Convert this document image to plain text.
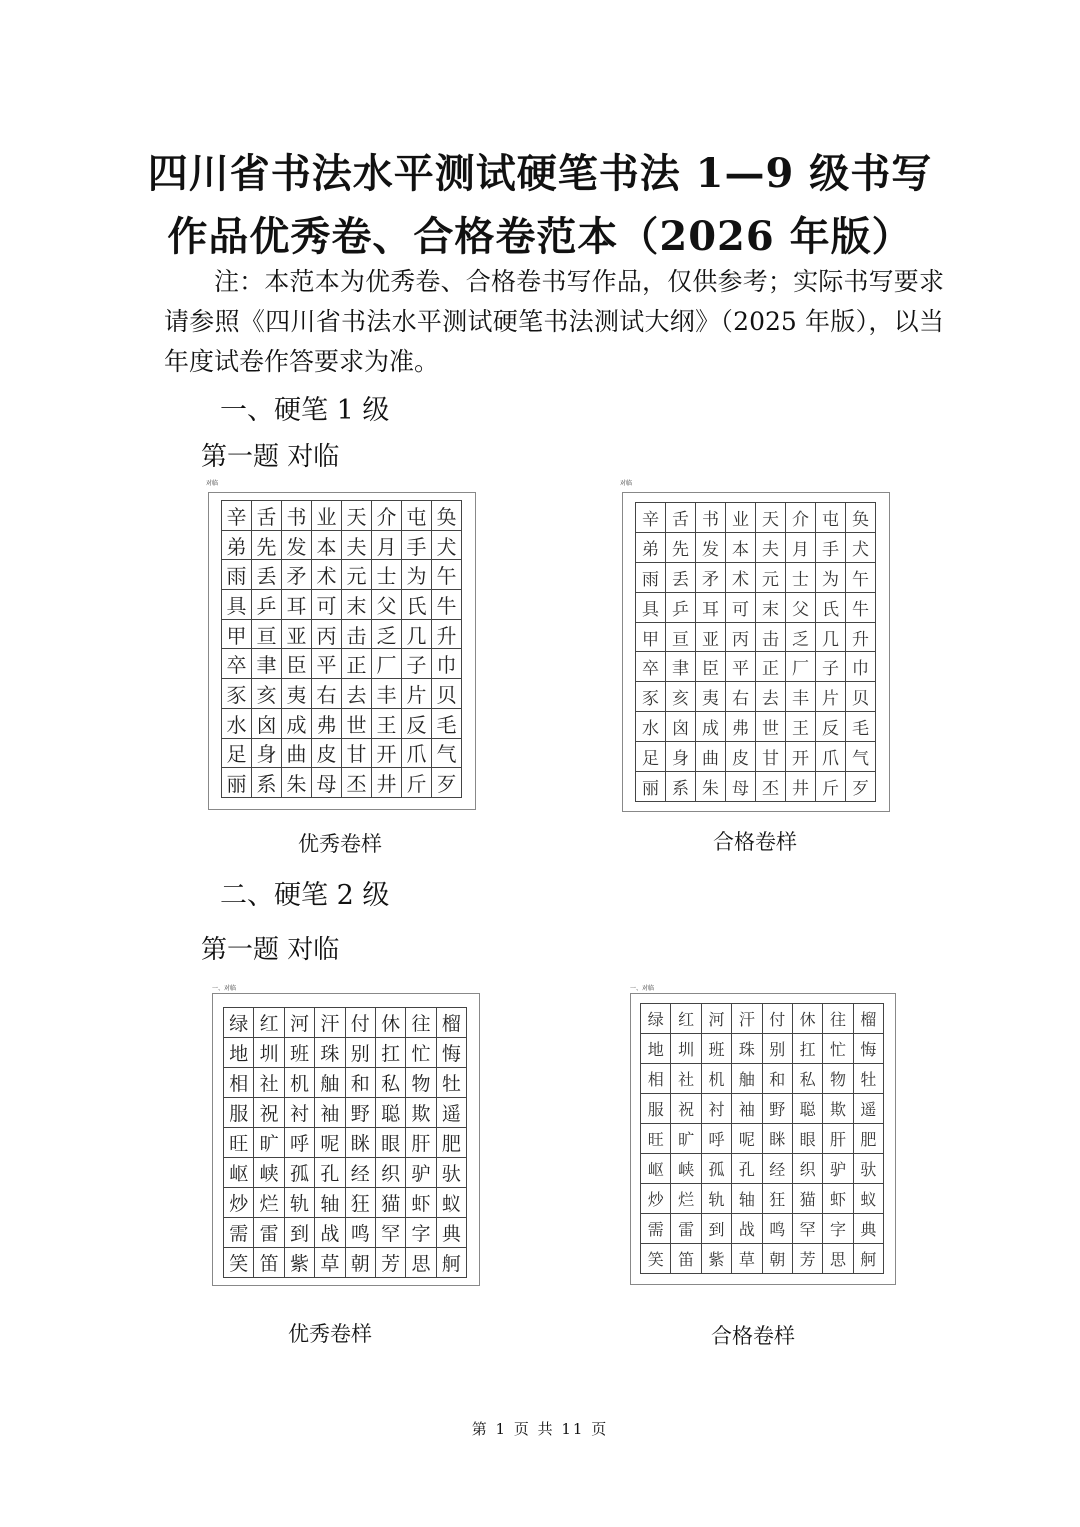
四川省书法水平测试硬笔书法 1—9 级书写
作品优秀卷、合格卷范本（2026 年版）

注：本范本为优秀卷、合格卷书写作品，仅供参考；实际书写要求请参照《四川省书法水平测试硬笔书法测试大纲》（2025 年版），以当年度试卷作答要求为准。

一、硬笔 1 级
第一题 对临
对临
辛 舌 书 业 天 介 屯 奂
弟 先 发 本 夫 月 手 犬
雨 丢 矛 术 元 士 为 午
具 乒 耳 可 末 父 氏 牛
甲 亘 亚 丙 击 乏 几 升
卒 聿 臣 平 正 厂 子 巾
豕 亥 夷 右 去 丰 片 贝
水 囟 成 弗 世 王 反 毛
足 身 曲 皮 甘 开 爪 气
丽 系 朱 母 丕 井 斤 歹
对临
辛 舌 书 业 天 介 屯 奂
弟 先 发 本 夫 月 手 犬
雨 丢 矛 术 元 士 为 午
具 乒 耳 可 末 父 氏 牛
甲 亘 亚 丙 击 乏 几 升
卒 聿 臣 平 正 厂 子 巾
豕 亥 夷 右 去 丰 片 贝
水 囟 成 弗 世 王 反 毛
足 身 曲 皮 甘 开 爪 气
丽 系 朱 母 丕 井 斤 歹
优秀卷样	合格卷样
二、硬笔 2 级
第一题 对临
一、对临
绿 红 河 汗 付 休 往 榴
地 圳 班 珠 别 扛 忙 悔
相 社 机 舳 和 私 物 牡
服 祝 衬 袖 野 聪 欺 遥
旺 旷 呼 呢 眯 眼 肝 肥
岖 峡 孤 孔 经 织 驴 驮
炒 烂 轨 轴 狂 猫 虾 蚁
需 雷 到 战 鸣 罕 字 典
笑 笛 紫 草 朝 芳 思 舸
一、对临
绿 红 河 汗 付 休 往 榴
地 圳 班 珠 别 扛 忙 悔
相 社 机 舳 和 私 物 牡
服 祝 衬 袖 野 聪 欺 遥
旺 旷 呼 呢 眯 眼 肝 肥
岖 峡 孤 孔 经 织 驴 驮
炒 烂 轨 轴 狂 猫 虾 蚁
需 雷 到 战 鸣 罕 字 典
笑 笛 紫 草 朝 芳 思 舸
优秀卷样	合格卷样
第 1 页 共 11 页
